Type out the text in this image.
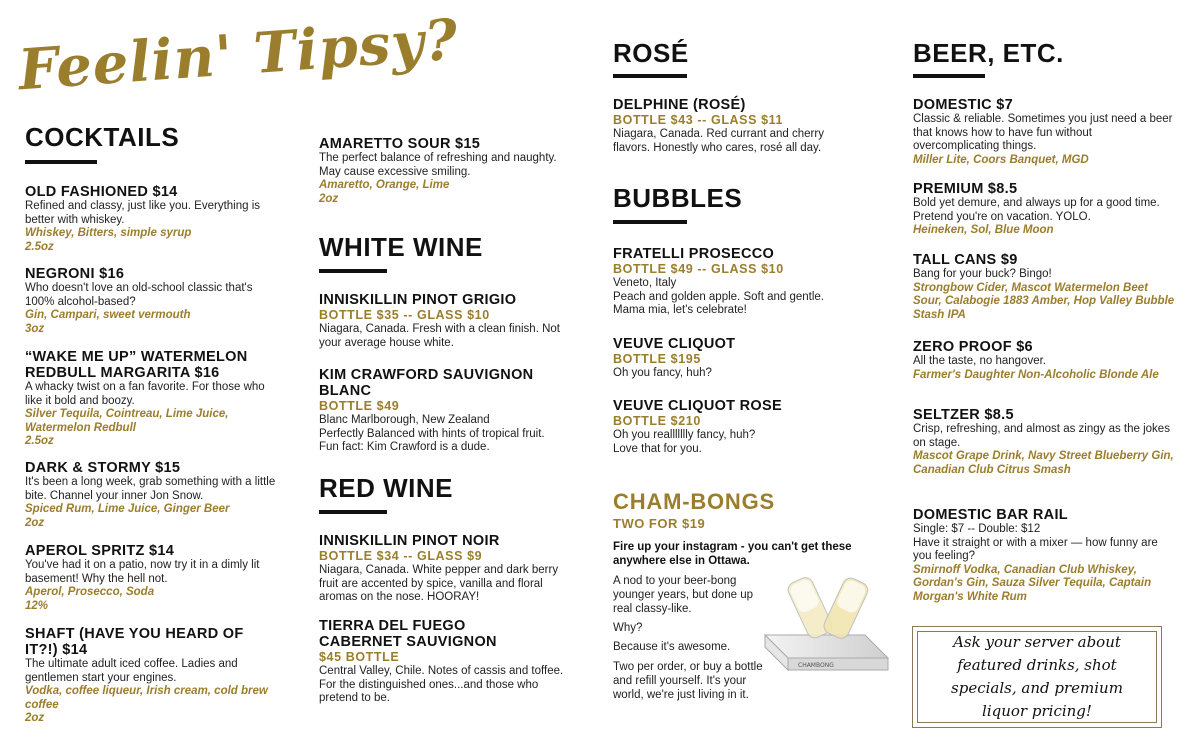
Feelin' Tipsy?
COCKTAILS
OLD FASHIONED $14
Refined and classy, just like you. Everything is better with whiskey.
Whiskey, Bitters, simple syrup
2.5oz
NEGRONI $16
Who doesn't love an old-school classic that's 100% alcohol-based?
Gin, Campari, sweet vermouth
3oz
“WAKE ME UP” WATERMELON REDBULL MARGARITA $16
A whacky twist on a fan favorite. For those who like it bold and boozy.
Silver Tequila, Cointreau, Lime Juice, Watermelon Redbull
2.5oz
DARK & STORMY $15
It's been a long week, grab something with a little bite. Channel your inner Jon Snow.
Spiced Rum, Lime Juice, Ginger Beer
2oz
APEROL SPRITZ $14
You've had it on a patio, now try it in a dimly lit basement! Why the hell not.
Aperol, Prosecco, Soda
12%
SHAFT (HAVE YOU HEARD OF IT?!) $14
The ultimate adult iced coffee. Ladies and gentlemen start your engines.
Vodka, coffee liqueur, Irish cream, cold brew coffee
2oz
AMARETTO SOUR $15
The perfect balance of refreshing and naughty. May cause excessive smiling.
Amaretto, Orange, Lime
2oz
WHITE WINE
INNISKILLIN PINOT GRIGIO
BOTTLE $35 -- GLASS $10
Niagara, Canada. Fresh with a clean finish. Not your average house white.
KIM CRAWFORD SAUVIGNON BLANC
BOTTLE $49
Blanc Marlborough, New Zealand
Perfectly Balanced with hints of tropical fruit. Fun fact: Kim Crawford is a dude.
RED WINE
INNISKILLIN PINOT NOIR
BOTTLE $34 -- GLASS $9
Niagara, Canada. White pepper and dark berry fruit are accented by spice, vanilla and floral aromas on the nose. HOORAY!
TIERRA DEL FUEGO CABERNET SAUVIGNON
$45 BOTTLE
Central Valley, Chile. Notes of cassis and toffee. For the distinguished ones...and those who pretend to be.
ROSÉ
DELPHINE (ROSÉ)
BOTTLE $43 -- GLASS $11
Niagara, Canada. Red currant and cherry flavors. Honestly who cares, rosé all day.
BUBBLES
FRATELLI PROSECCO
BOTTLE $49 -- GLASS $10
Veneto, Italy
Peach and golden apple. Soft and gentle. Mama mia, let's celebrate!
VEUVE CLIQUOT
BOTTLE $195
Oh you fancy, huh?
VEUVE CLIQUOT ROSE
BOTTLE $210
Oh you reallllllly fancy, huh?
Love that for you.
CHAM-BONGS
TWO FOR $19
Fire up your instagram - you can't get these anywhere else in Ottawa.
A nod to your beer-bong younger years, but done up real classy-like.
Why?
Because it's awesome.
Two per order, or buy a bottle and refill yourself. It's your world, we're just living in it.
CHAMBONG
BEER, ETC.
DOMESTIC $7
Classic & reliable. Sometimes you just need a beer that knows how to have fun without overcomplicating things.
Miller Lite, Coors Banquet, MGD
PREMIUM $8.5
Bold yet demure, and always up for a good time. Pretend you're on vacation. YOLO.
Heineken, Sol, Blue Moon
TALL CANS $9
Bang for your buck? Bingo!
Strongbow Cider, Mascot Watermelon Beet Sour, Calabogie 1883 Amber, Hop Valley Bubble Stash IPA
ZERO PROOF $6
All the taste, no hangover.
Farmer's Daughter Non-Alcoholic Blonde Ale
SELTZER $8.5
Crisp, refreshing, and almost as zingy as the jokes on stage.
Mascot Grape Drink, Navy Street Blueberry Gin, Canadian Club Citrus Smash
DOMESTIC BAR RAIL
Single: $7 -- Double: $12
Have it straight or with a mixer — how funny are you feeling?
Smirnoff Vodka, Canadian Club Whiskey, Gordan's Gin, Sauza Silver Tequila, Captain Morgan's White Rum
Ask your server about featured drinks, shot specials, and premium liquor pricing!
